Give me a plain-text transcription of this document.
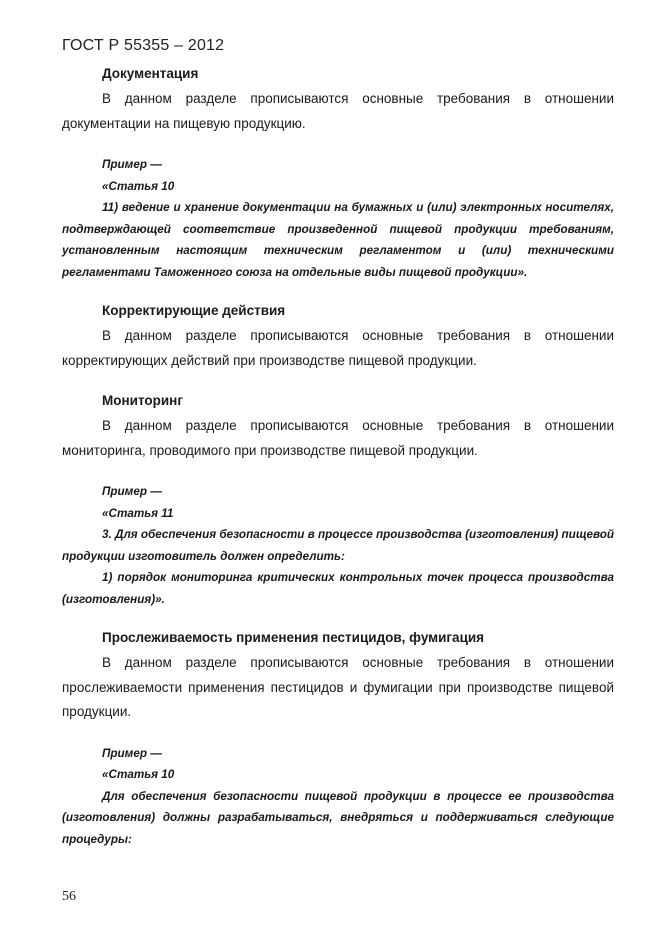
ГОСТ Р 55355 – 2012
Документация

В данном разделе прописываются основные требования в отношении документации на пищевую продукцию.

Пример —

«Статья 10

11) ведение и хранение документации на бумажных и (или) электронных носителях, подтверждающей соответствие произведенной пищевой продукции требованиям, установленным настоящим техническим регламентом и (или) техническими регламентами Таможенного союза на отдельные виды пищевой продукции».

Корректирующие действия

В данном разделе прописываются основные требования в отношении корректирующих действий при производстве пищевой продукции.

Мониторинг

В данном разделе прописываются основные требования в отношении мониторинга, проводимого при производстве пищевой продукции.

Пример —

«Статья 11

3. Для обеспечения безопасности в процессе производства (изготовления) пищевой продукции изготовитель должен определить:

1) порядок мониторинга критических контрольных точек процесса производства (изготовления)».

Прослеживаемость применения пестицидов, фумигация

В данном разделе прописываются основные требования в отношении прослеживаемости применения пестицидов и фумигации при производстве пищевой продукции.

Пример —

«Статья 10

Для обеспечения безопасности пищевой продукции в процессе ее производства (изготовления) должны разрабатываться, внедряться и поддерживаться следующие процедуры:

56
